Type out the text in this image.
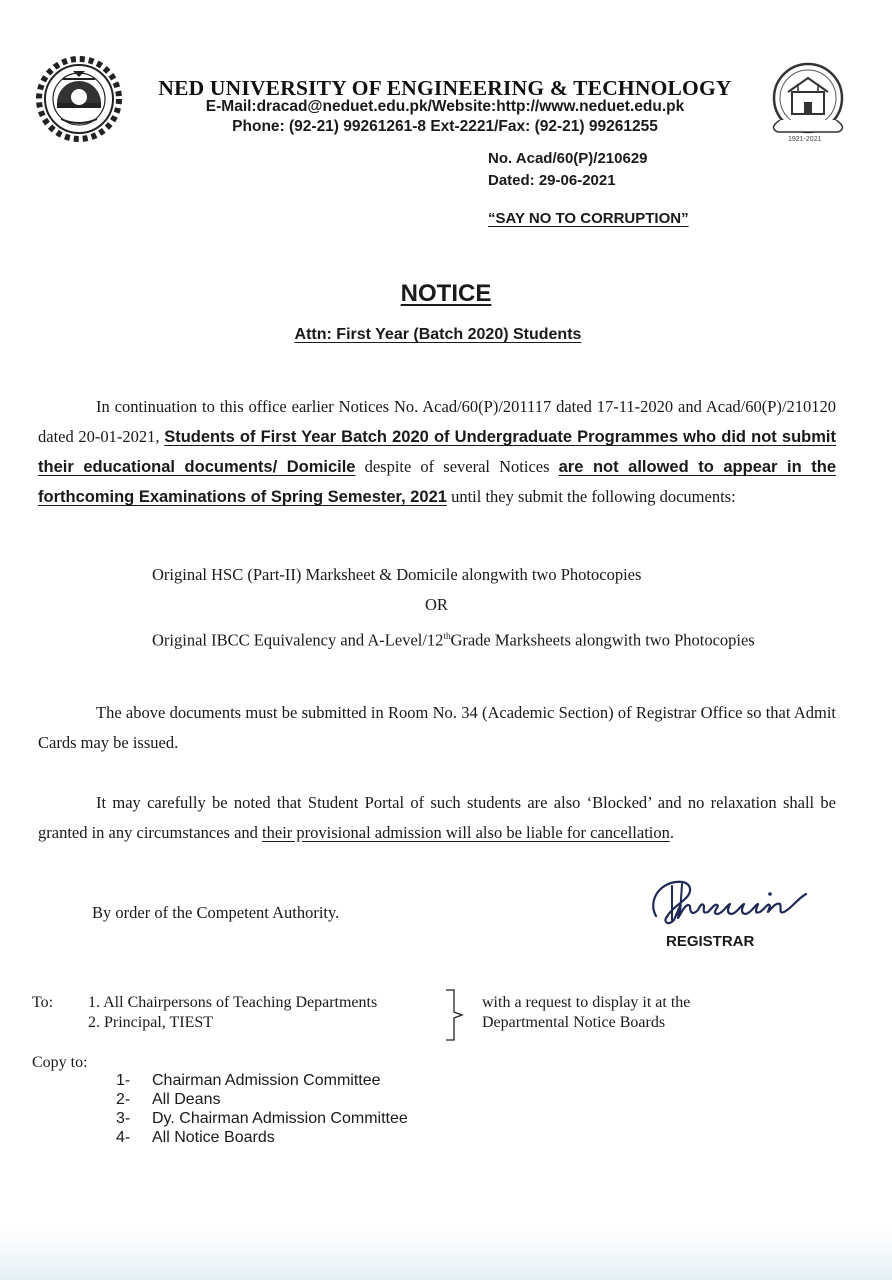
1921-2021
NED UNIVERSITY OF ENGINEERING & TECHNOLOGY
E-Mail:dracad@neduet.edu.pk/Website:http://www.neduet.edu.pk
Phone: (92-21) 99261261-8 Ext-2221/Fax: (92-21) 99261255
No. Acad/60(P)/210629
Dated: 29-06-2021
“SAY NO TO CORRUPTION”
NOTICE
Attn: First Year (Batch 2020) Students
In continuation to this office earlier Notices No. Acad/60(P)/201117 dated 17-11-2020 and Acad/60(P)/210120 dated 20-01-2021, Students of First Year Batch 2020 of Undergraduate Programmes who did not submit their educational documents/ Domicile despite of several Notices are not allowed to appear in the forthcoming Examinations of Spring Semester, 2021 until they submit the following documents:
Original HSC (Part-II) Marksheet & Domicile alongwith two Photocopies
OR
Original IBCC Equivalency and A-Level/12thGrade Marksheets alongwith two Photocopies
The above documents must be submitted in Room No. 34 (Academic Section) of Registrar Office so that Admit Cards may be issued.
It may carefully be noted that Student Portal of such students are also ‘Blocked’ and no relaxation shall be granted in any circumstances and their provisional admission will also be liable for cancellation.
By order of the Competent Authority.
REGISTRAR
To: 1. All Chairpersons of Teaching Departments
2. Principal, TIEST
with a request to display it at the
Departmental Notice Boards
Copy to:
1- Chairman Admission Committee
2- All Deans
3- Dy. Chairman Admission Committee
4- All Notice Boards
